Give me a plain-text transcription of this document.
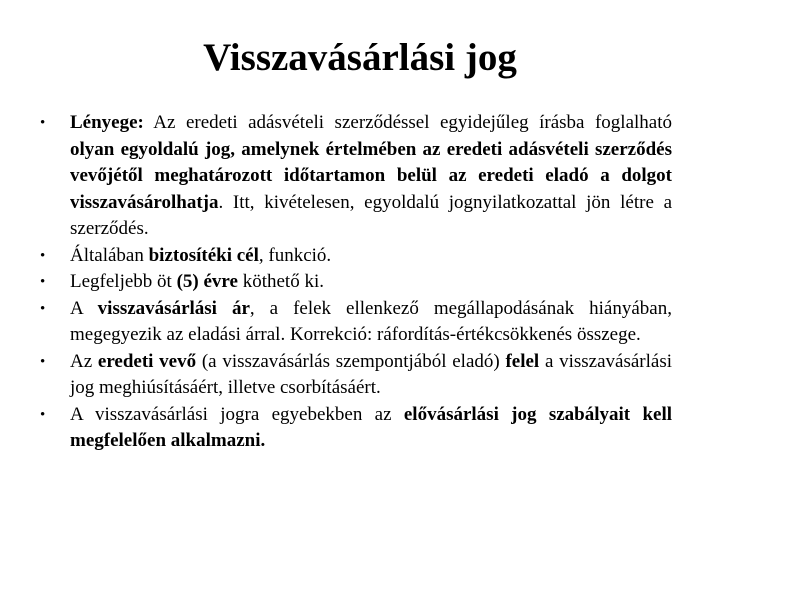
Visszavásárlási jog
• Lényege: Az eredeti adásvételi szerződéssel egyidejűleg írásba foglalható olyan egyoldalú jog, amelynek értelmében az eredeti adásvételi szerződés vevőjétől meghatározott időtartamon belül az eredeti eladó a dolgot visszavásárolhatja. Itt, kivételesen, egyoldalú jognyilatkozattal jön létre a szerződés.
• Általában biztosítéki cél, funkció.
• Legfeljebb öt (5) évre köthető ki.
• A visszavásárlási ár, a felek ellenkező megállapodásának hiányában, megegyezik az eladási árral. Korrekció: ráfordítás-értékcsökkenés összege.
• Az eredeti vevő (a visszavásárlás szempontjából eladó) felel a visszavásárlási jog meghiúsításáért, illetve csorbításáért.
• A visszavásárlási jogra egyebekben az elővásárlási jog szabályait kell megfelelően alkalmazni.
